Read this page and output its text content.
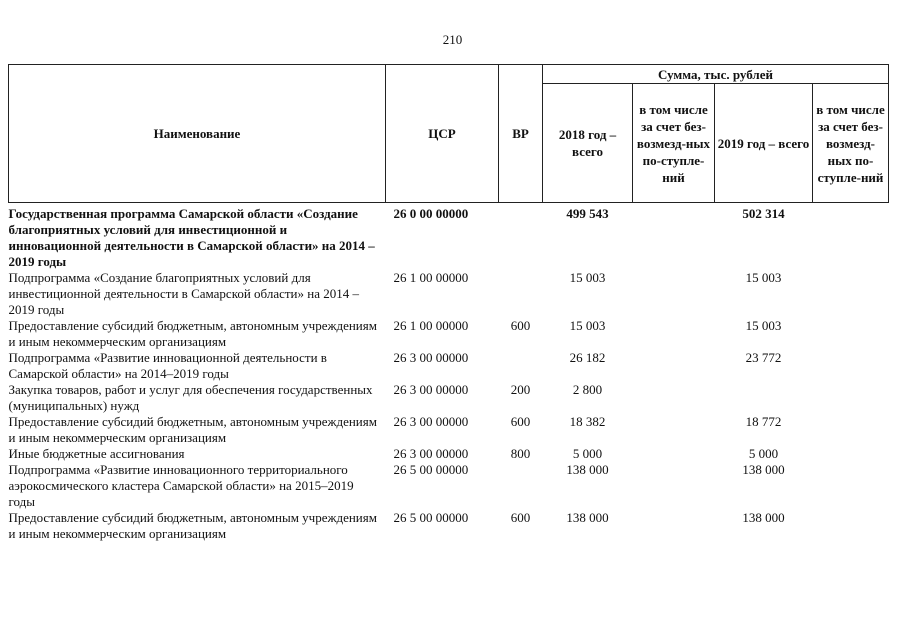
210
Наименование	ЦСР	ВР	Сумма, тыс. рублей			
			2018 год – всего	в том числе за счет без-возмезд-ных по-ступле-ний	2019 год – всего	в том числе за счет без-возмезд-ных по-ступле-ний
Государственная программа Самарской области «Создание благоприятных условий для инвестиционной и инновационной деятельности в Самарской области» на 2014 – 2019 годы	26 0 00 00000		499 543		502 314	
Подпрограмма «Создание благоприятных условий для инвестиционной деятельности в Самарской области» на 2014 – 2019 годы	26 1 00 00000		15 003		15 003	
Предоставление субсидий бюджетным, автономным учреждениям и иным некоммерческим организациям	26 1 00 00000	600	15 003		15 003	
Подпрограмма «Развитие инновационной деятельности в Самарской области» на 2014–2019 годы	26 3 00 00000		26 182		23 772	
Закупка товаров, работ и услуг для обеспечения государственных (муниципальных) нужд	26 3 00 00000	200	2 800			
Предоставление субсидий бюджетным, автономным учреждениям и иным некоммерческим организациям	26 3 00 00000	600	18 382		18 772	
Иные бюджетные ассигнования	26 3 00 00000	800	5 000		5 000	
Подпрограмма «Развитие инновационного территориального аэрокосмического кластера Самарской области» на 2015–2019 годы	26 5 00 00000		138 000		138 000	
Предоставление субсидий бюджетным, автономным учреждениям и иным некоммерческим организациям	26 5 00 00000	600	138 000		138 000	
